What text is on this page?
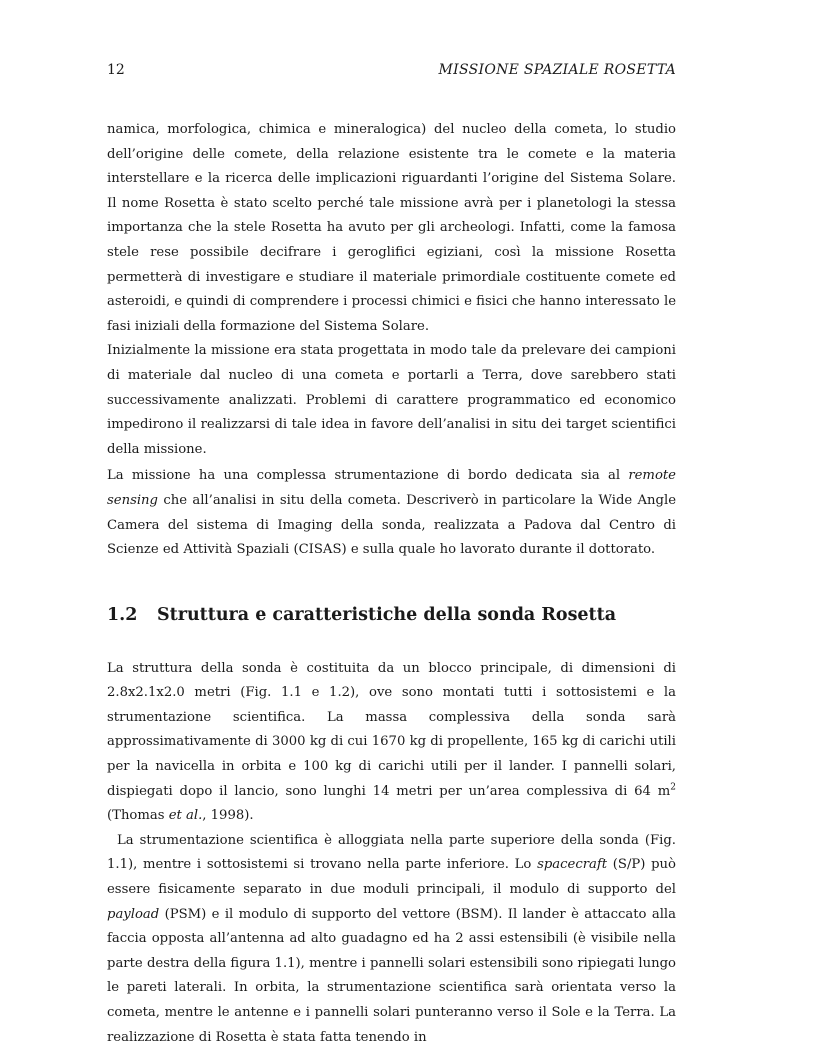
12	MISSIONE SPAZIALE ROSETTA

namica, morfologica, chimica e mineralogica) del nucleo della cometa, lo studio dell’origine delle comete, della relazione esistente tra le comete e la materia interstellare e la ricerca delle implicazioni riguardanti l’origine del Sistema Solare. Il nome Rosetta è stato scelto perché tale missione avrà per i planetologi la stessa importanza che la stele Rosetta ha avuto per gli archeologi. Infatti, come la famosa stele rese possibile decifrare i geroglifici egiziani, così la missione Rosetta permetterà di investigare e studiare il materiale primordiale costituente comete ed asteroidi, e quindi di comprendere i processi chimici e fisici che hanno interessato le fasi iniziali della formazione del Sistema Solare.

Inizialmente la missione era stata progettata in modo tale da prelevare dei campioni di materiale dal nucleo di una cometa e portarli a Terra, dove sarebbero stati successivamente analizzati. Problemi di carattere programmatico ed economico impedirono il realizzarsi di tale idea in favore dell’analisi in situ dei target scientifici della missione.

La missione ha una complessa strumentazione di bordo dedicata sia al remote sensing che all’analisi in situ della cometa. Descriverò in particolare la Wide Angle Camera del sistema di Imaging della sonda, realizzata a Padova dal Centro di Scienze ed Attività Spaziali (CISAS) e sulla quale ho lavorato durante il dottorato.

1.2 Struttura e caratteristiche della sonda Rosetta

La struttura della sonda è costituita da un blocco principale, di dimensioni di 2.8x2.1x2.0 metri (Fig. 1.1 e 1.2), ove sono montati tutti i sottosistemi e la strumentazione scientifica. La massa complessiva della sonda sarà approssimativamente di 3000 kg di cui 1670 kg di propellente, 165 kg di carichi utili per la navicella in orbita e 100 kg di carichi utili per il lander. I pannelli solari, dispiegati dopo il lancio, sono lunghi 14 metri per un’area complessiva di 64 $m^2$ (Thomas et al., 1998).

La strumentazione scientifica è alloggiata nella parte superiore della sonda (Fig. 1.1), mentre i sottosistemi si trovano nella parte inferiore. Lo spacecraft (S/P) può essere fisicamente separato in due moduli principali, il modulo di supporto del payload (PSM) e il modulo di supporto del vettore (BSM). Il lander è attaccato alla faccia opposta all’antenna ad alto guadagno ed ha 2 assi estensibili (è visibile nella parte destra della figura 1.1), mentre i pannelli solari estensibili sono ripiegati lungo le pareti laterali. In orbita, la strumentazione scientifica sarà orientata verso la cometa, mentre le antenne e i pannelli solari punteranno verso il Sole e la Terra. La realizzazione di Rosetta è stata fatta tenendo in
